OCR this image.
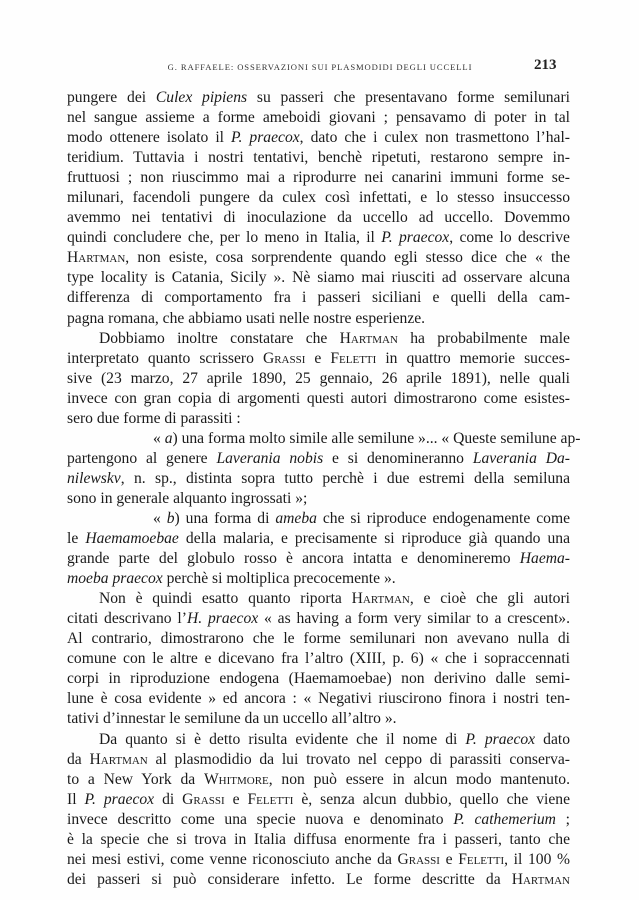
G. RAFFAELE: OSSERVAZIONI SUI PLASMODIDI DEGLI UCCELLI	213
pungere dei Culex pipiens su passeri che presentavano forme semilunari
nel sangue assieme a forme ameboidi giovani ; pensavamo di poter in tal
modo ottenere isolato il P. praecox, dato che i culex non trasmettono l’hal-
teridium. Tuttavia i nostri tentativi, benchè ripetuti, restarono sempre in-
fruttuosi ; non riuscimmo mai a riprodurre nei canarini immuni forme se-
milunari, facendoli pungere da culex così infettati, e lo stesso insuccesso
avemmo nei tentativi di inoculazione da uccello ad uccello. Dovemmo
quindi concludere che, per lo meno in Italia, il P. praecox, come lo descrive
Hartman, non esiste, cosa sorprendente quando egli stesso dice che « the
type locality is Catania, Sicily ». Nè siamo mai riusciti ad osservare alcuna
differenza di comportamento fra i passeri siciliani e quelli della cam-
pagna romana, che abbiamo usati nelle nostre esperienze.
Dobbiamo inoltre constatare che Hartman ha probabilmente male
interpretato quanto scrissero Grassi e Feletti in quattro memorie succes-
sive (23 marzo, 27 aprile 1890, 25 gennaio, 26 aprile 1891), nelle quali
invece con gran copia di argomenti questi autori dimostrarono come esistes-
sero due forme di parassiti :
« a) una forma molto simile alle semilune »... « Queste semilune ap-
partengono al genere Laverania nobis e si denomineranno Laverania Da-
nilewskv, n. sp., distinta sopra tutto perchè i due estremi della semiluna
sono in generale alquanto ingrossati »;
« b) una forma di ameba che si riproduce endogenamente come
le Haemamoebae della malaria, e precisamente si riproduce già quando una
grande parte del globulo rosso è ancora intatta e denomineremo Haema-
moeba praecox perchè si moltiplica precocemente ».
Non è quindi esatto quanto riporta Hartman, e cioè che gli autori
citati descrivano l’H. praecox « as having a form very similar to a crescent».
Al contrario, dimostrarono che le forme semilunari non avevano nulla di
comune con le altre e dicevano fra l’altro (XIII, p. 6) « che i sopraccennati
corpi in riproduzione endogena (Haemamoebae) non derivino dalle semi-
lune è cosa evidente » ed ancora : « Negativi riuscirono finora i nostri ten-
tativi d’innestar le semilune da un uccello all’altro ».
Da quanto si è detto risulta evidente che il nome di P. praecox dato
da Hartman al plasmodidio da lui trovato nel ceppo di parassiti conserva-
to a New York da Whitmore, non può essere in alcun modo mantenuto.
Il P. praecox di Grassi e Feletti è, senza alcun dubbio, quello che viene
invece descritto come una specie nuova e denominato P. cathemerium ;
è la specie che si trova in Italia diffusa enormente fra i passeri, tanto che
nei mesi estivi, come venne riconosciuto anche da Grassi e Feletti, il 100 %
dei passeri si può considerare infetto. Le forme descritte da Hartman
